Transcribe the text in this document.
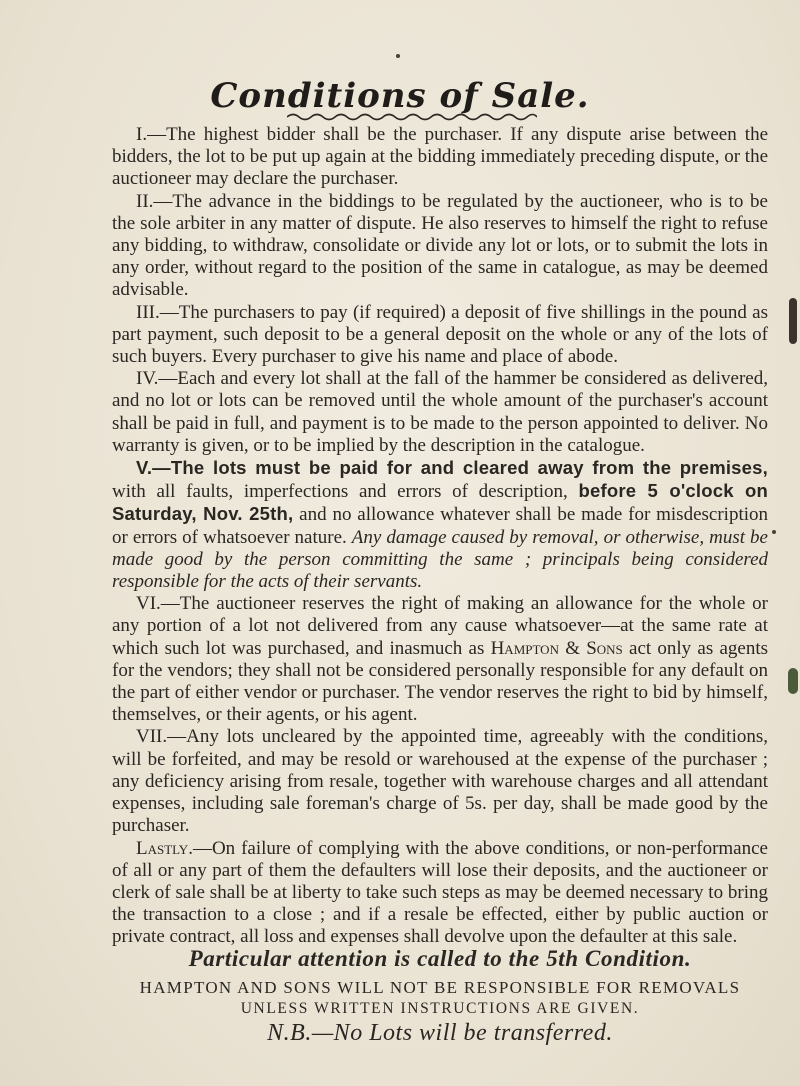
Conditions of Sale.

I.—The highest bidder shall be the purchaser. If any dispute arise between the bidders, the lot to be put up again at the bidding immediately preceding dispute, or the auctioneer may declare the purchaser.

II.—The advance in the biddings to be regulated by the auctioneer, who is to be the sole arbiter in any matter of dispute. He also reserves to himself the right to refuse any bidding, to withdraw, consolidate or divide any lot or lots, or to submit the lots in any order, without regard to the position of the same in catalogue, as may be deemed advisable.

III.—The purchasers to pay (if required) a deposit of five shillings in the pound as part payment, such deposit to be a general deposit on the whole or any of the lots of such buyers. Every purchaser to give his name and place of abode.

IV.—Each and every lot shall at the fall of the hammer be considered as delivered, and no lot or lots can be removed until the whole amount of the purchaser's account shall be paid in full, and payment is to be made to the person appointed to deliver. No warranty is given, or to be implied by the description in the catalogue.

V.—The lots must be paid for and cleared away from the premises, with all faults, imperfections and errors of description, before 5 o'clock on Saturday, Nov. 25th, and no allowance whatever shall be made for misdescription or errors of whatsoever nature. Any damage caused by removal, or otherwise, must be made good by the person committing the same ; principals being considered responsible for the acts of their servants.

VI.—The auctioneer reserves the right of making an allowance for the whole or any portion of a lot not delivered from any cause whatsoever—at the same rate at which such lot was purchased, and inasmuch as Hampton & Sons act only as agents for the vendors; they shall not be considered personally responsible for any default on the part of either vendor or purchaser. The vendor reserves the right to bid by himself, themselves, or their agents, or his agent.

VII.—Any lots uncleared by the appointed time, agreeably with the conditions, will be forfeited, and may be resold or warehoused at the expense of the purchaser ; any deficiency arising from resale, together with warehouse charges and all attendant expenses, including sale foreman's charge of 5s. per day, shall be made good by the purchaser.

Lastly.—On failure of complying with the above conditions, or non-performance of all or any part of them the defaulters will lose their deposits, and the auctioneer or clerk of sale shall be at liberty to take such steps as may be deemed necessary to bring the transaction to a close ; and if a resale be effected, either by public auction or private contract, all loss and expenses shall devolve upon the defaulter at this sale.

Particular attention is called to the 5th Condition.
HAMPTON AND SONS WILL NOT BE RESPONSIBLE FOR REMOVALS
UNLESS WRITTEN INSTRUCTIONS ARE GIVEN.
N.B.—No Lots will be transferred.
